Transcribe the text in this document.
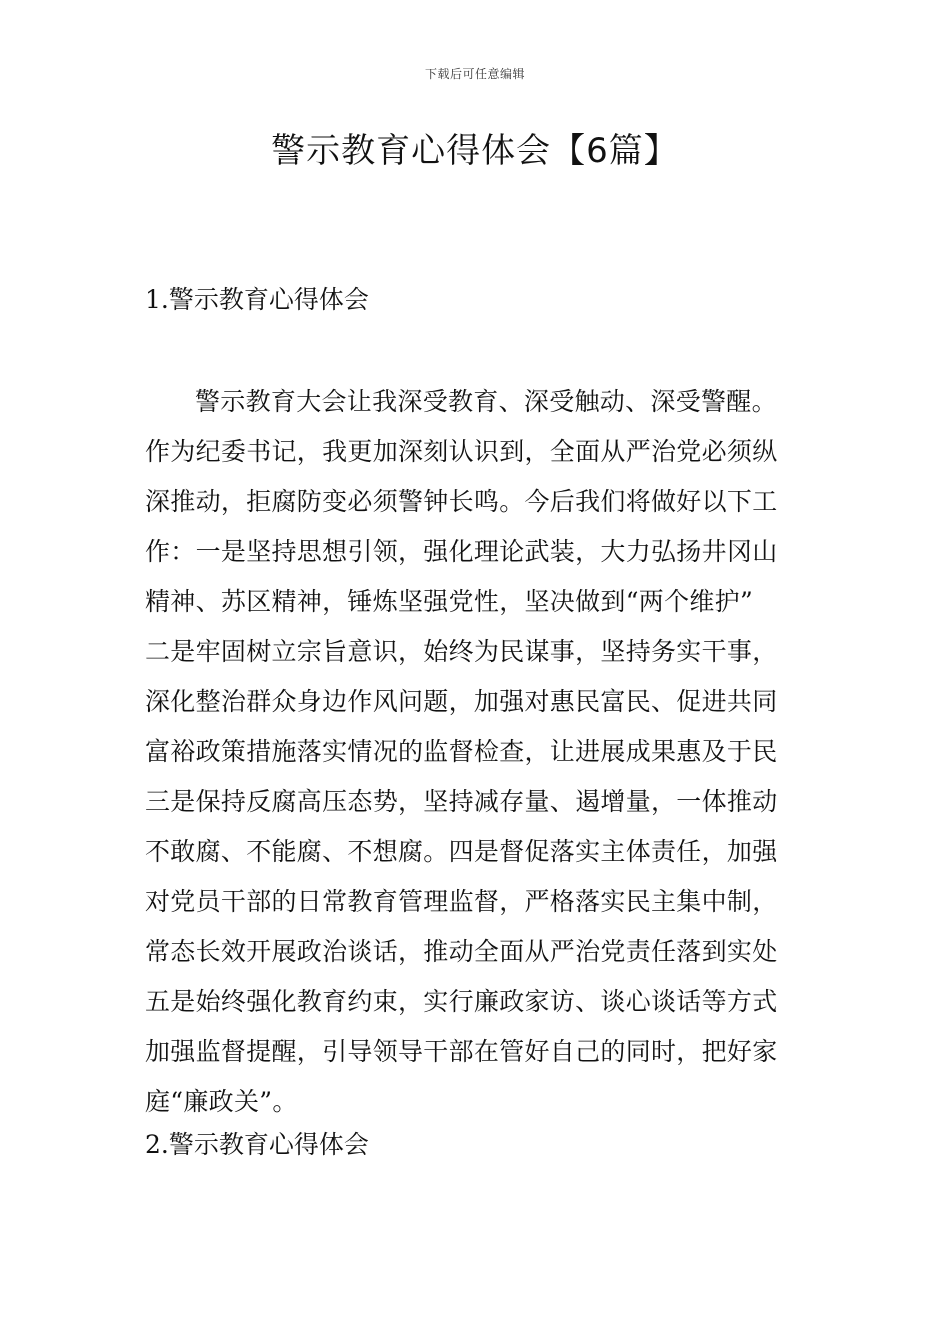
下载后可任意编辑
警示教育心得体会【6篇】
1.警示教育心得体会
警示教育大会让我深受教育、深受触动、深受警醒。
作为纪委书记，我更加深刻认识到，全面从严治党必须纵
深推动，拒腐防变必须警钟长鸣。今后我们将做好以下工
作：一是坚持思想引领，强化理论武装，大力弘扬井冈山
精神、苏区精神，锤炼坚强党性，坚决做到“两个维护”
二是牢固树立宗旨意识，始终为民谋事，坚持务实干事，
深化整治群众身边作风问题，加强对惠民富民、促进共同
富裕政策措施落实情况的监督检查，让进展成果惠及于民
三是保持反腐高压态势，坚持减存量、遏增量，一体推动
不敢腐、不能腐、不想腐。四是督促落实主体责任，加强
对党员干部的日常教育管理监督，严格落实民主集中制，
常态长效开展政治谈话，推动全面从严治党责任落到实处
五是始终强化教育约束，实行廉政家访、谈心谈话等方式
加强监督提醒，引导领导干部在管好自己的同时，把好家
庭“廉政关”。
2.警示教育心得体会
